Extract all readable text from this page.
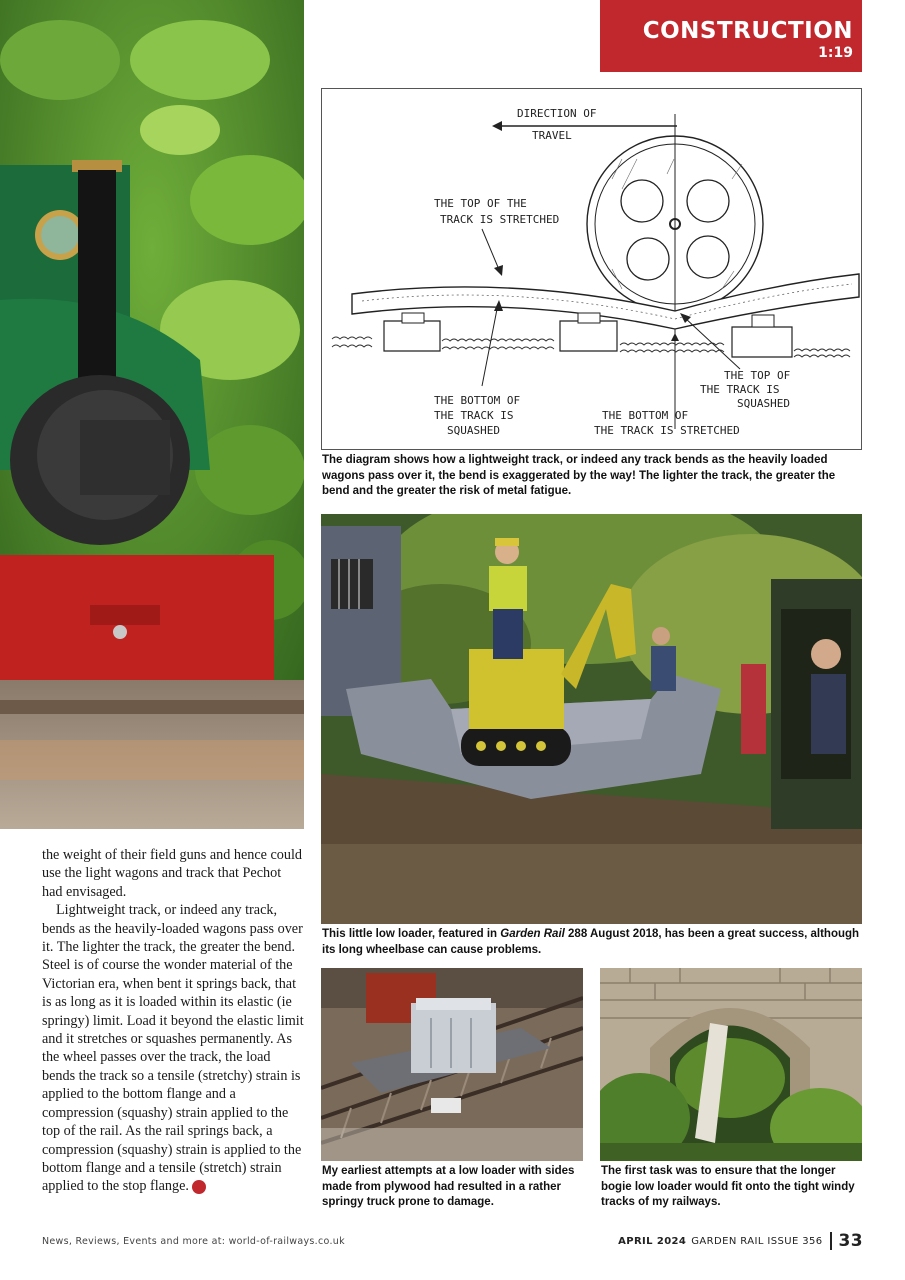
CONSTRUCTION
1:19
DIRECTION OF
TRAVEL
THE TOP OF THE
TRACK IS STRETCHED
THE BOTTOM OF
THE TRACK IS
SQUASHED
THE TOP OF
THE TRACK IS
SQUASHED
THE BOTTOM OF
THE TRACK IS STRETCHED
The diagram shows how a lightweight track, or indeed any track bends as the heavily loaded wagons pass over it, the bend is exaggerated by the way! The lighter the track, the greater the bend and the greater the risk of metal fatigue.
This little low loader, featured in Garden Rail 288 August 2018, has been a great success, although its long wheelbase can cause problems.
My earliest attempts at a low loader with sides made from plywood had resulted in a rather springy truck prone to damage.
The first task was to ensure that the longer bogie low loader would fit onto the tight windy tracks of my railways.

the weight of their field guns and hence could use the light wagons and track that Pechot had envisaged.

Lightweight track, or indeed any track, bends as the heavily-loaded wagons pass over it. The lighter the track, the greater the bend. Steel is of course the wonder material of the Victorian era, when bent it springs back, that is as long as it is loaded within its elastic (ie springy) limit. Load it beyond the elastic limit and it stretches or squashes permanently. As the wheel passes over the track, the load bends the track so a tensile (stretchy) strain is applied to the bottom flange and a compression (squashy) strain applied to the top of the rail. As the rail springs back, a compression (squashy) strain is applied to the bottom flange and a tensile (stretch) strain applied to the stop flange. ➔

News, Reviews, Events and more at: world-of-railways.co.uk	APRIL 2024 GARDEN RAIL ISSUE 356 33
